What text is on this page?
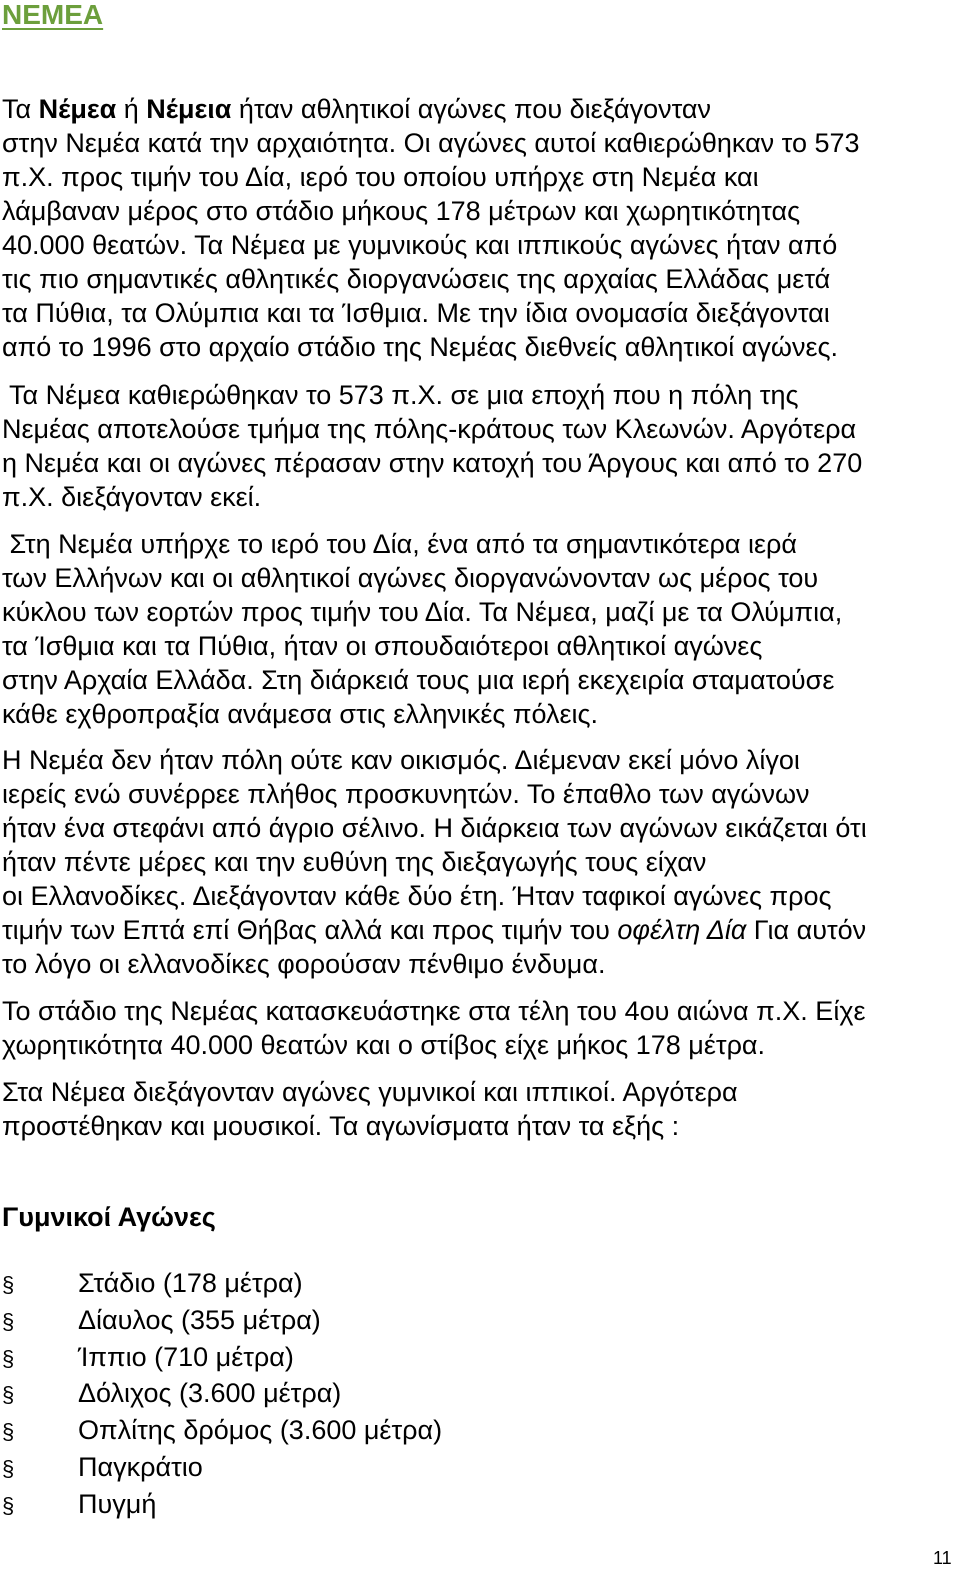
ΝΕΜΕΑ

Τα Νέμεα ή Νέμεια ήταν αθλητικοί αγώνες που διεξάγονταν
στην Νεμέα κατά την αρχαιότητα. Οι αγώνες αυτοί καθιερώθηκαν το 573
π.Χ. προς τιμήν του Δία, ιερό του οποίου υπήρχε στη Νεμέα και
λάμβαναν μέρος στο στάδιο μήκους 178 μέτρων και χωρητικότητας
40.000 θεατών. Τα Νέμεα με γυμνικούς και ιππικούς αγώνες ήταν από
τις πιο σημαντικές αθλητικές διοργανώσεις της αρχαίας Ελλάδας μετά
τα Πύθια, τα Ολύμπια και τα Ίσθμια. Με την ίδια ονομασία διεξάγονται
από το 1996 στο αρχαίο στάδιο της Νεμέας διεθνείς αθλητικοί αγώνες.

Τα Νέμεα καθιερώθηκαν το 573 π.Χ. σε μια εποχή που η πόλη της
Νεμέας αποτελούσε τμήμα της πόλης-κράτους των Κλεωνών. Αργότερα
η Νεμέα και οι αγώνες πέρασαν στην κατοχή του Άργους και από το 270
π.Χ. διεξάγονταν εκεί.

Στη Νεμέα υπήρχε το ιερό του Δία, ένα από τα σημαντικότερα ιερά
των Ελλήνων και οι αθλητικοί αγώνες διοργανώνονταν ως μέρος του
κύκλου των εορτών προς τιμήν του Δία. Τα Νέμεα, μαζί με τα Ολύμπια,
τα Ίσθμια και τα Πύθια, ήταν οι σπουδαιότεροι αθλητικοί αγώνες
στην Αρχαία Ελλάδα. Στη διάρκειά τους μια ιερή εκεχειρία σταματούσε
κάθε εχθροπραξία ανάμεσα στις ελληνικές πόλεις.

Η Νεμέα δεν ήταν πόλη ούτε καν οικισμός. Διέμεναν εκεί μόνο λίγοι
ιερείς ενώ συνέρρεε πλήθος προσκυνητών. Το έπαθλο των αγώνων
ήταν ένα στεφάνι από άγριο σέλινο. Η διάρκεια των αγώνων εικάζεται ότι
ήταν πέντε μέρες και την ευθύνη της διεξαγωγής τους είχαν
οι Ελλανοδίκες. Διεξάγονταν κάθε δύο έτη. Ήταν ταφικοί αγώνες προς
τιμήν των Επτά επί Θήβας αλλά και προς τιμήν του οφέλτη Δία Για αυτόν
το λόγο οι ελλανοδίκες φορούσαν πένθιμο ένδυμα.

Το στάδιο της Νεμέας κατασκευάστηκε στα τέλη του 4ου αιώνα π.Χ. Είχε
χωρητικότητα 40.000 θεατών και ο στίβος είχε μήκος 178 μέτρα.

Στα Νέμεα διεξάγονταν αγώνες γυμνικοί και ιππικοί. Αργότερα
προστέθηκαν και μουσικοί. Τα αγωνίσματα ήταν τα εξής :

Γυμνικοί Αγώνες
§ Στάδιο (178 μέτρα)
§ Δίαυλος (355 μέτρα)
§ Ίππιο (710 μέτρα)
§ Δόλιχος (3.600 μέτρα)
§ Οπλίτης δρόμος (3.600 μέτρα)
§ Παγκράτιο
§ Πυγμή
11
